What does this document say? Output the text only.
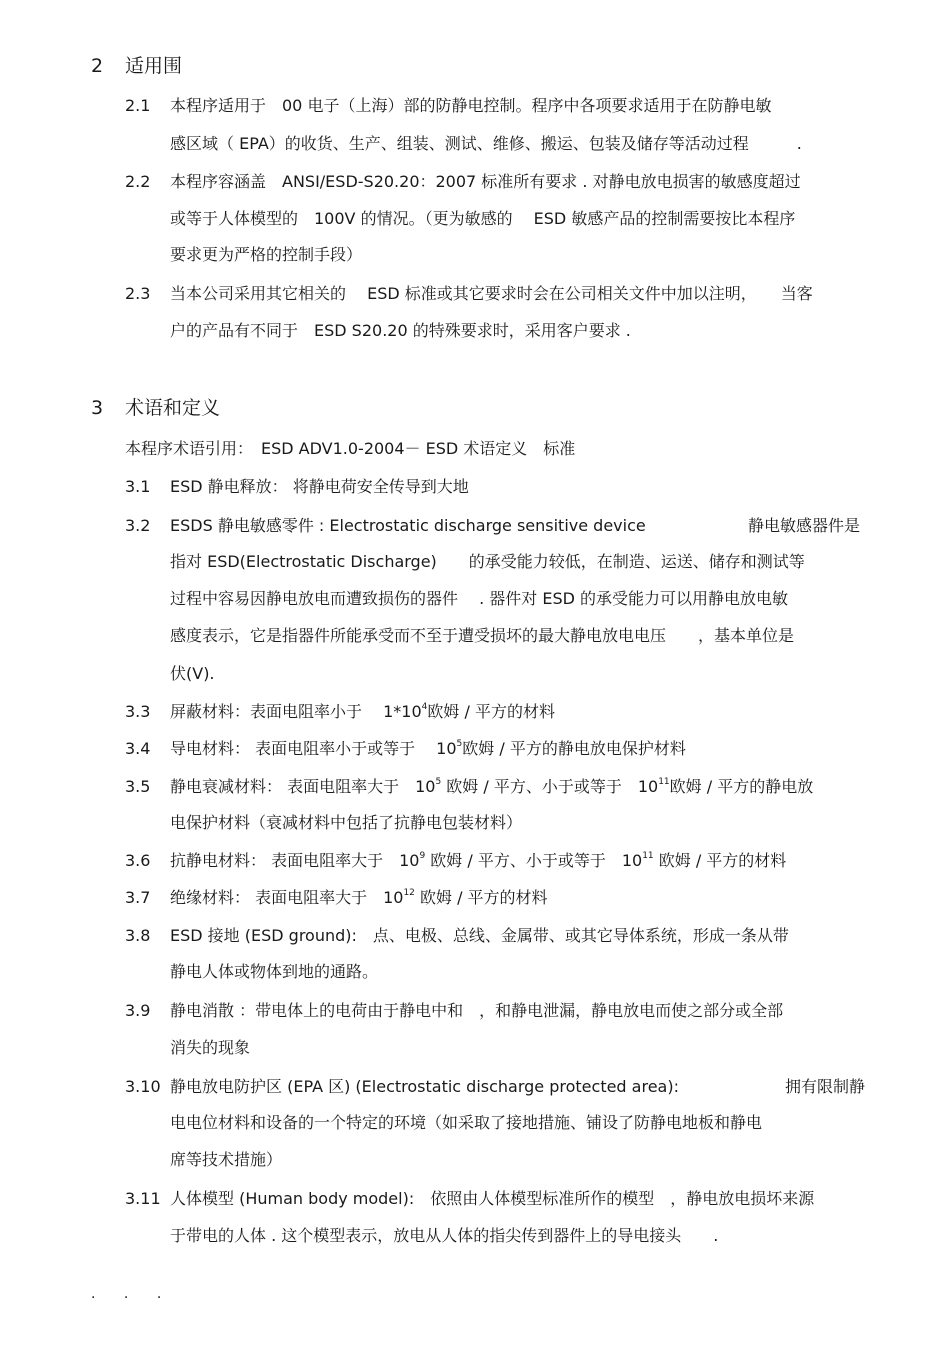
2 适用围
2.1 本程序适用于　00 电子（上海）部的防静电控制。程序中各项要求适用于在防静电敏
感区域（ EPA）的收货、生产、组装、测试、维修、搬运、包装及储存等活动过程　　　.
2.2 本程序容涵盖　ANSI/ESD-S20.20：2007 标准所有要求 . 对静电放电损害的敏感度超过
或等于人体模型的　100V 的情况。（更为敏感的　 ESD 敏感产品的控制需要按比本程序
要求更为严格的控制手段）
2.3 当本公司采用其它相关的　 ESD 标准或其它要求时会在公司相关文件中加以注明，　　当客
户的产品有不同于　ESD S20.20 的特殊要求时，采用客户要求 .
3 术语和定义
本程序术语引用：　ESD ADV1.0-2004－ ESD 术语定义　标准
3.1 ESD 静电释放： 将静电荷安全传导到大地
3.2 ESDS 静电敏感零件 : Electrostatic discharge sensitive device	静电敏感器件是
指对 ESD(Electrostatic Discharge)　　的承受能力较低，在制造、运送、储存和测试等
过程中容易因静电放电而遭致损伤的器件　 . 器件对 ESD 的承受能力可以用静电放电敏
感度表示，它是指器件所能承受而不至于遭受损坏的最大静电放电电压　　，基本单位是
伏(V).
3.3 屏蔽材料：表面电阻率小于　 $1*10^4$欧姆 / 平方的材料
3.4 导电材料： 表面电阻率小于或等于　 $10^5$欧姆 / 平方的静电放电保护材料
3.5 静电衰减材料： 表面电阻率大于　$10^5$ 欧姆 / 平方、小于或等于　$10^{11}$欧姆 / 平方的静电放
电保护材料（衰减材料中包括了抗静电包装材料）
3.6 抗静电材料： 表面电阻率大于　$10^9$ 欧姆 / 平方、小于或等于　$10^{11}$ 欧姆 / 平方的材料
3.7 绝缘材料： 表面电阻率大于　$10^{12}$ 欧姆 / 平方的材料
3.8 ESD 接地 (ESD ground):　点、电极、总线、金属带、或其它导体系统，形成一条从带
静电人体或物体到地的通路。
3.9 静电消散 ：带电体上的电荷由于静电中和　，和静电泄漏，静电放电而使之部分或全部
消失的现象
3.10 静电放电防护区 (EPA 区) (Electrostatic discharge protected area):	拥有限制静
电电位材料和设备的一个特定的环境（如采取了接地措施、铺设了防静电地板和静电
席等技术措施）
3.11 人体模型 (Human body model):　依照由人体模型标准所作的模型　，静电放电损坏来源
于带电的人体 . 这个模型表示，放电从人体的指尖传到器件上的导电接头　　.
. . .
